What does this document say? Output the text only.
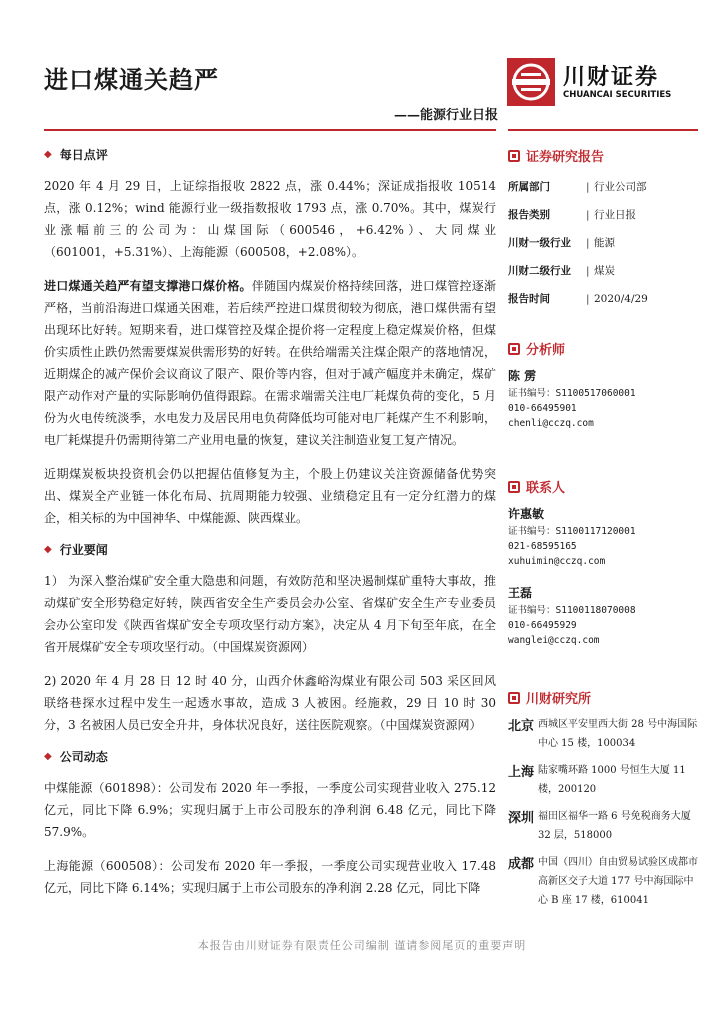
进口煤通关趋严	川财证券
CHUANCAI SECURITIES
——能源行业日报
◆ 每日点评

2020 年 4 月 29 日，上证综指报收 2822 点，涨 0.44%；深证成指报收 10514 点，涨 0.12%；wind 能源行业一级指数报收 1793 点，涨 0.70%。其中，煤炭行业涨幅前三的公司为：山煤国际（600546，+6.42%）、大同煤业（601001，+5.31%）、上海能源（600508，+2.08%）。

进口煤通关趋严有望支撑港口煤价格。伴随国内煤炭价格持续回落，进口煤管控逐渐严格，当前沿海进口煤通关困难，若后续严控进口煤贯彻较为彻底，港口煤供需有望出现环比好转。短期来看，进口煤管控及煤企提价将一定程度上稳定煤炭价格，但煤价实质性止跌仍然需要煤炭供需形势的好转。在供给端需关注煤企限产的落地情况，近期煤企的减产保价会议商议了限产、限价等内容，但对于减产幅度并未确定，煤矿限产动作对产量的实际影响仍值得跟踪。在需求端需关注电厂耗煤负荷的变化，5 月份为火电传统淡季，水电发力及居民用电负荷降低均可能对电厂耗煤产生不利影响，电厂耗煤提升仍需期待第二产业用电量的恢复，建议关注制造业复工复产情况。

近期煤炭板块投资机会仍以把握估值修复为主，个股上仍建议关注资源储备优势突出、煤炭全产业链一体化布局、抗周期能力较强、业绩稳定且有一定分红潜力的煤企，相关标的为中国神华、中煤能源、陕西煤业。

◆ 行业要闻

1） 为深入整治煤矿安全重大隐患和问题，有效防范和坚决遏制煤矿重特大事故，推动煤矿安全形势稳定好转，陕西省安全生产委员会办公室、省煤矿安全生产专业委员会办公室印发《陕西省煤矿安全专项攻坚行动方案》，决定从 4 月下旬至年底，在全省开展煤矿安全专项攻坚行动。（中国煤炭资源网）

2) 2020 年 4 月 28 日 12 时 40 分，山西介休鑫峪沟煤业有限公司 503 采区回风联络巷探水过程中发生一起透水事故，造成 3 人被困。经施救，29 日 10 时 30 分，3 名被困人员已安全升井，身体状况良好，送往医院观察。（中国煤炭资源网）

◆ 公司动态

中煤能源（601898）：公司发布 2020 年一季报，一季度公司实现营业收入 275.12 亿元，同比下降 6.9%；实现归属于上市公司股东的净利润 6.48 亿元，同比下降 57.9%。

上海能源（600508）：公司发布 2020 年一季报，一季度公司实现营业收入 17.48 亿元，同比下降 6.14%；实现归属于上市公司股东的净利润 2.28 亿元，同比下降

证券研究报告
所属部门	| 行业公司部
报告类别	| 行业日报
川财一级行业	| 能源
川财二级行业	| 煤炭
报告时间	| 2020/4/29
分析师
陈 雳
证书编号：S1100517060001
010-66495901
chenli@cczq.com
联系人
许惠敏
证书编号：S1100117120001
021-68595165
xuhuimin@cczq.com
王磊
证书编号：S1100118070008
010-66495929
wanglei@cczq.com
川财研究所
北京 西城区平安里西大街 28 号中海国际中心 15 楼，100034
上海 陆家嘴环路 1000 号恒生大厦 11 楼，200120
深圳 福田区福华一路 6 号免税商务大厦 32 层，518000
成都 中国（四川）自由贸易试验区成都市高新区交子大道 177 号中海国际中心 B 座 17 楼，610041
本报告由川财证券有限责任公司编制 谨请参阅尾页的重要声明
